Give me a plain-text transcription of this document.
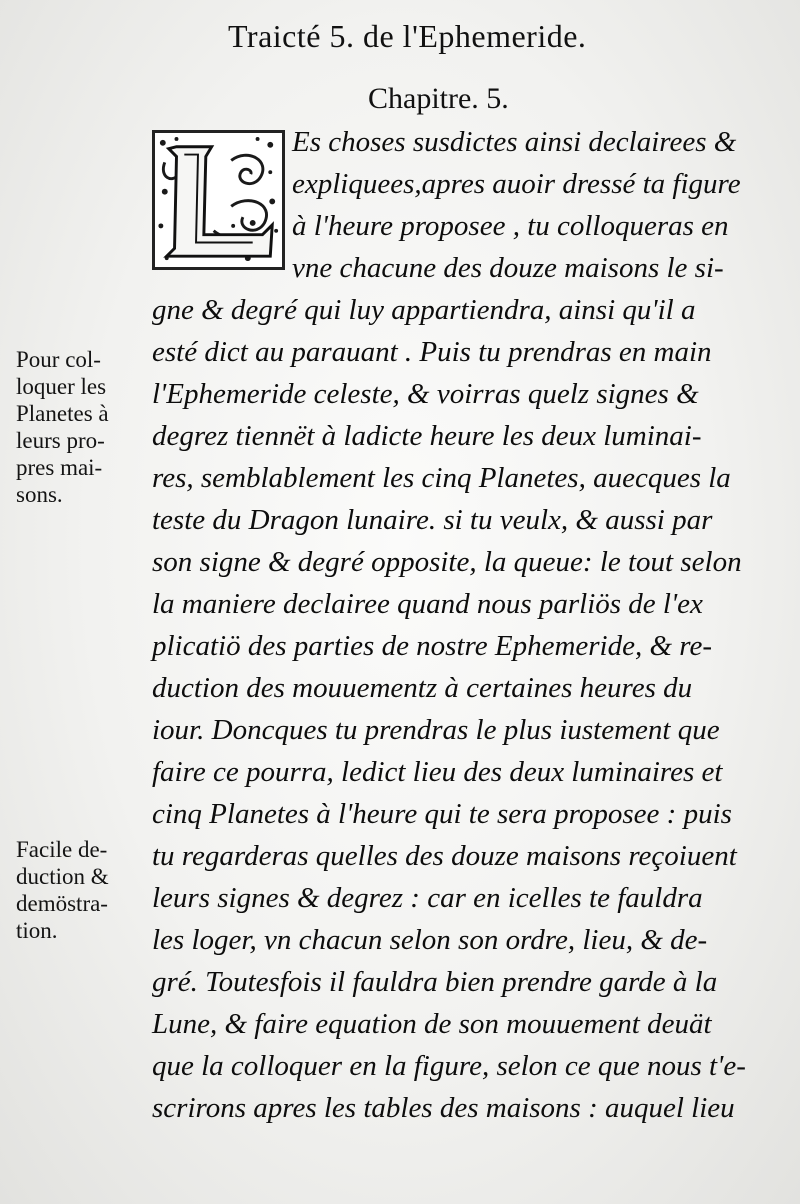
Traicté 5. de l'Ephemeride.
Chapitre. 5.
Es choses susdictes ainsi declairees &
expliquees,apres auoir dressé ta figure
à l'heure proposee , tu colloqueras en
vne chacune des douze maisons le si-
gne & degré qui luy appartiendra, ainsi qu'il a
esté dict au parauant . Puis tu prendras en main
l'Ephemeride celeste, & voirras quelz signes &
degrez tiennët à ladicte heure les deux luminai-
res, semblablement les cinq Planetes, auecques la
teste du Dragon lunaire. si tu veulx, & aussi par
son signe & degré opposite, la queue: le tout selon
la maniere declairee quand nous parliös de l'ex
plicatiö des parties de nostre Ephemeride, & re-
duction des mouuementz à certaines heures du
iour. Doncques tu prendras le plus iustement que
faire ce pourra, ledict lieu des deux luminaires et
cinq Planetes à l'heure qui te sera proposee : puis
tu regarderas quelles des douze maisons reçoiuent
leurs signes & degrez : car en icelles te fauldra
les loger, vn chacun selon son ordre, lieu, & de-
gré. Toutesfois il fauldra bien prendre garde à la
Lune, & faire equation de son mouuement deuät
que la colloquer en la figure, selon ce que nous t'e-
scrirons apres les tables des maisons : auquel lieu
Pour col-
loquer les
Planetes à
leurs pro-
pres mai-
sons.
Facile de-
duction &
demöstra-
tion.
